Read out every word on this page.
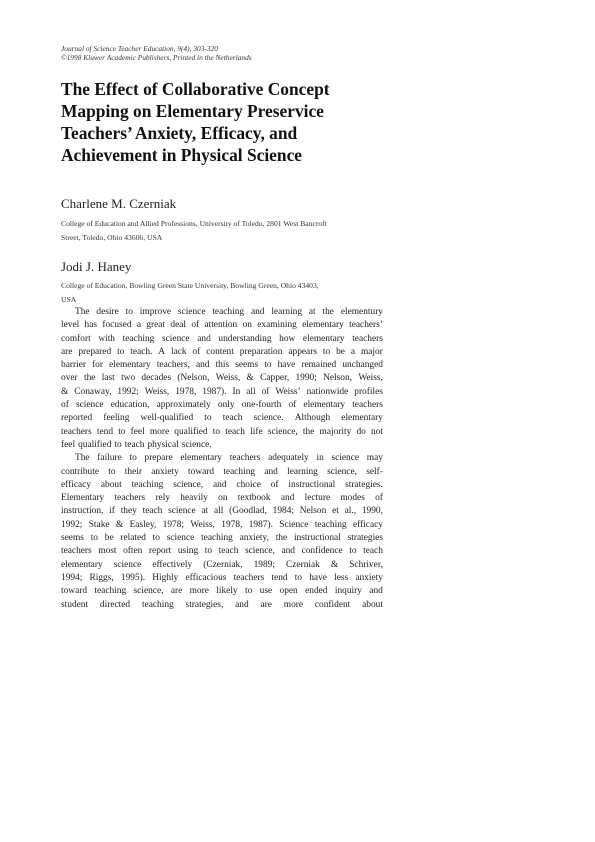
Journal of Science Teacher Education, 9(4), 303-320
©1998 Kluwer Academic Publishers, Printed in the Netherlands
The Effect of Collaborative Concept
Mapping on Elementary Preservice
Teachers’ Anxiety, Efficacy, and
Achievement in Physical Science
Charlene M. Czerniak
College of Education and Allied Professions, University of Toledo, 2801 West Bancroft
Street, Toledo, Ohio 43606, USA
Jodi J. Haney
College of Education, Bowling Green State University, Bowling Green, Ohio 43403,
USA
The desire to improve science teaching and learning at the elementury
level has focused a great deal of attention on examining elementary teachers’
comfort with teaching science and understanding how elementary teachers
are prepared to teach. A lack of content preparation appears to be a major
barrier for elementary teachers, and this seems to have remained unchanged
over the last two decades (Nelson, Weiss, & Capper, 1990; Nelson, Weiss,
& Conaway, 1992; Weiss, 1978, 1987). In all of Weiss’ nationwide profiles
of science education, approximately only one-fourth of elementary teachers
reported feeling well-qualified to teach science. Although elementary
teachers tend to feel more qualified to teach life science, the majority do not
feel qualified to teach physical science.
The failure to prepare elementary teachers adequately in science may
contribute to their anxiety toward teaching and learning science, self-
efficacy about teaching science, and choice of instructional strategies.
Elementary teachers rely heavily on textbook and lecture modes of
instruction, if they teach science at all (Goodlad, 1984; Nelson et al., 1990,
1992; Stake & Easley, 1978; Weiss, 1978, 1987). Science teaching efficacy
seems to be related to science teaching anxiety, the instructional strategies
teachers most often report using to teach science, and confidence to teach
elementary science effectively (Czerniak, 1989; Czerniak & Schriver,
1994; Riggs, 1995). Highly efficacious teachers tend to have less anxiety
toward teaching science, are more likely to use open ended inquiry and
student directed teaching strategies, and are more confident about
